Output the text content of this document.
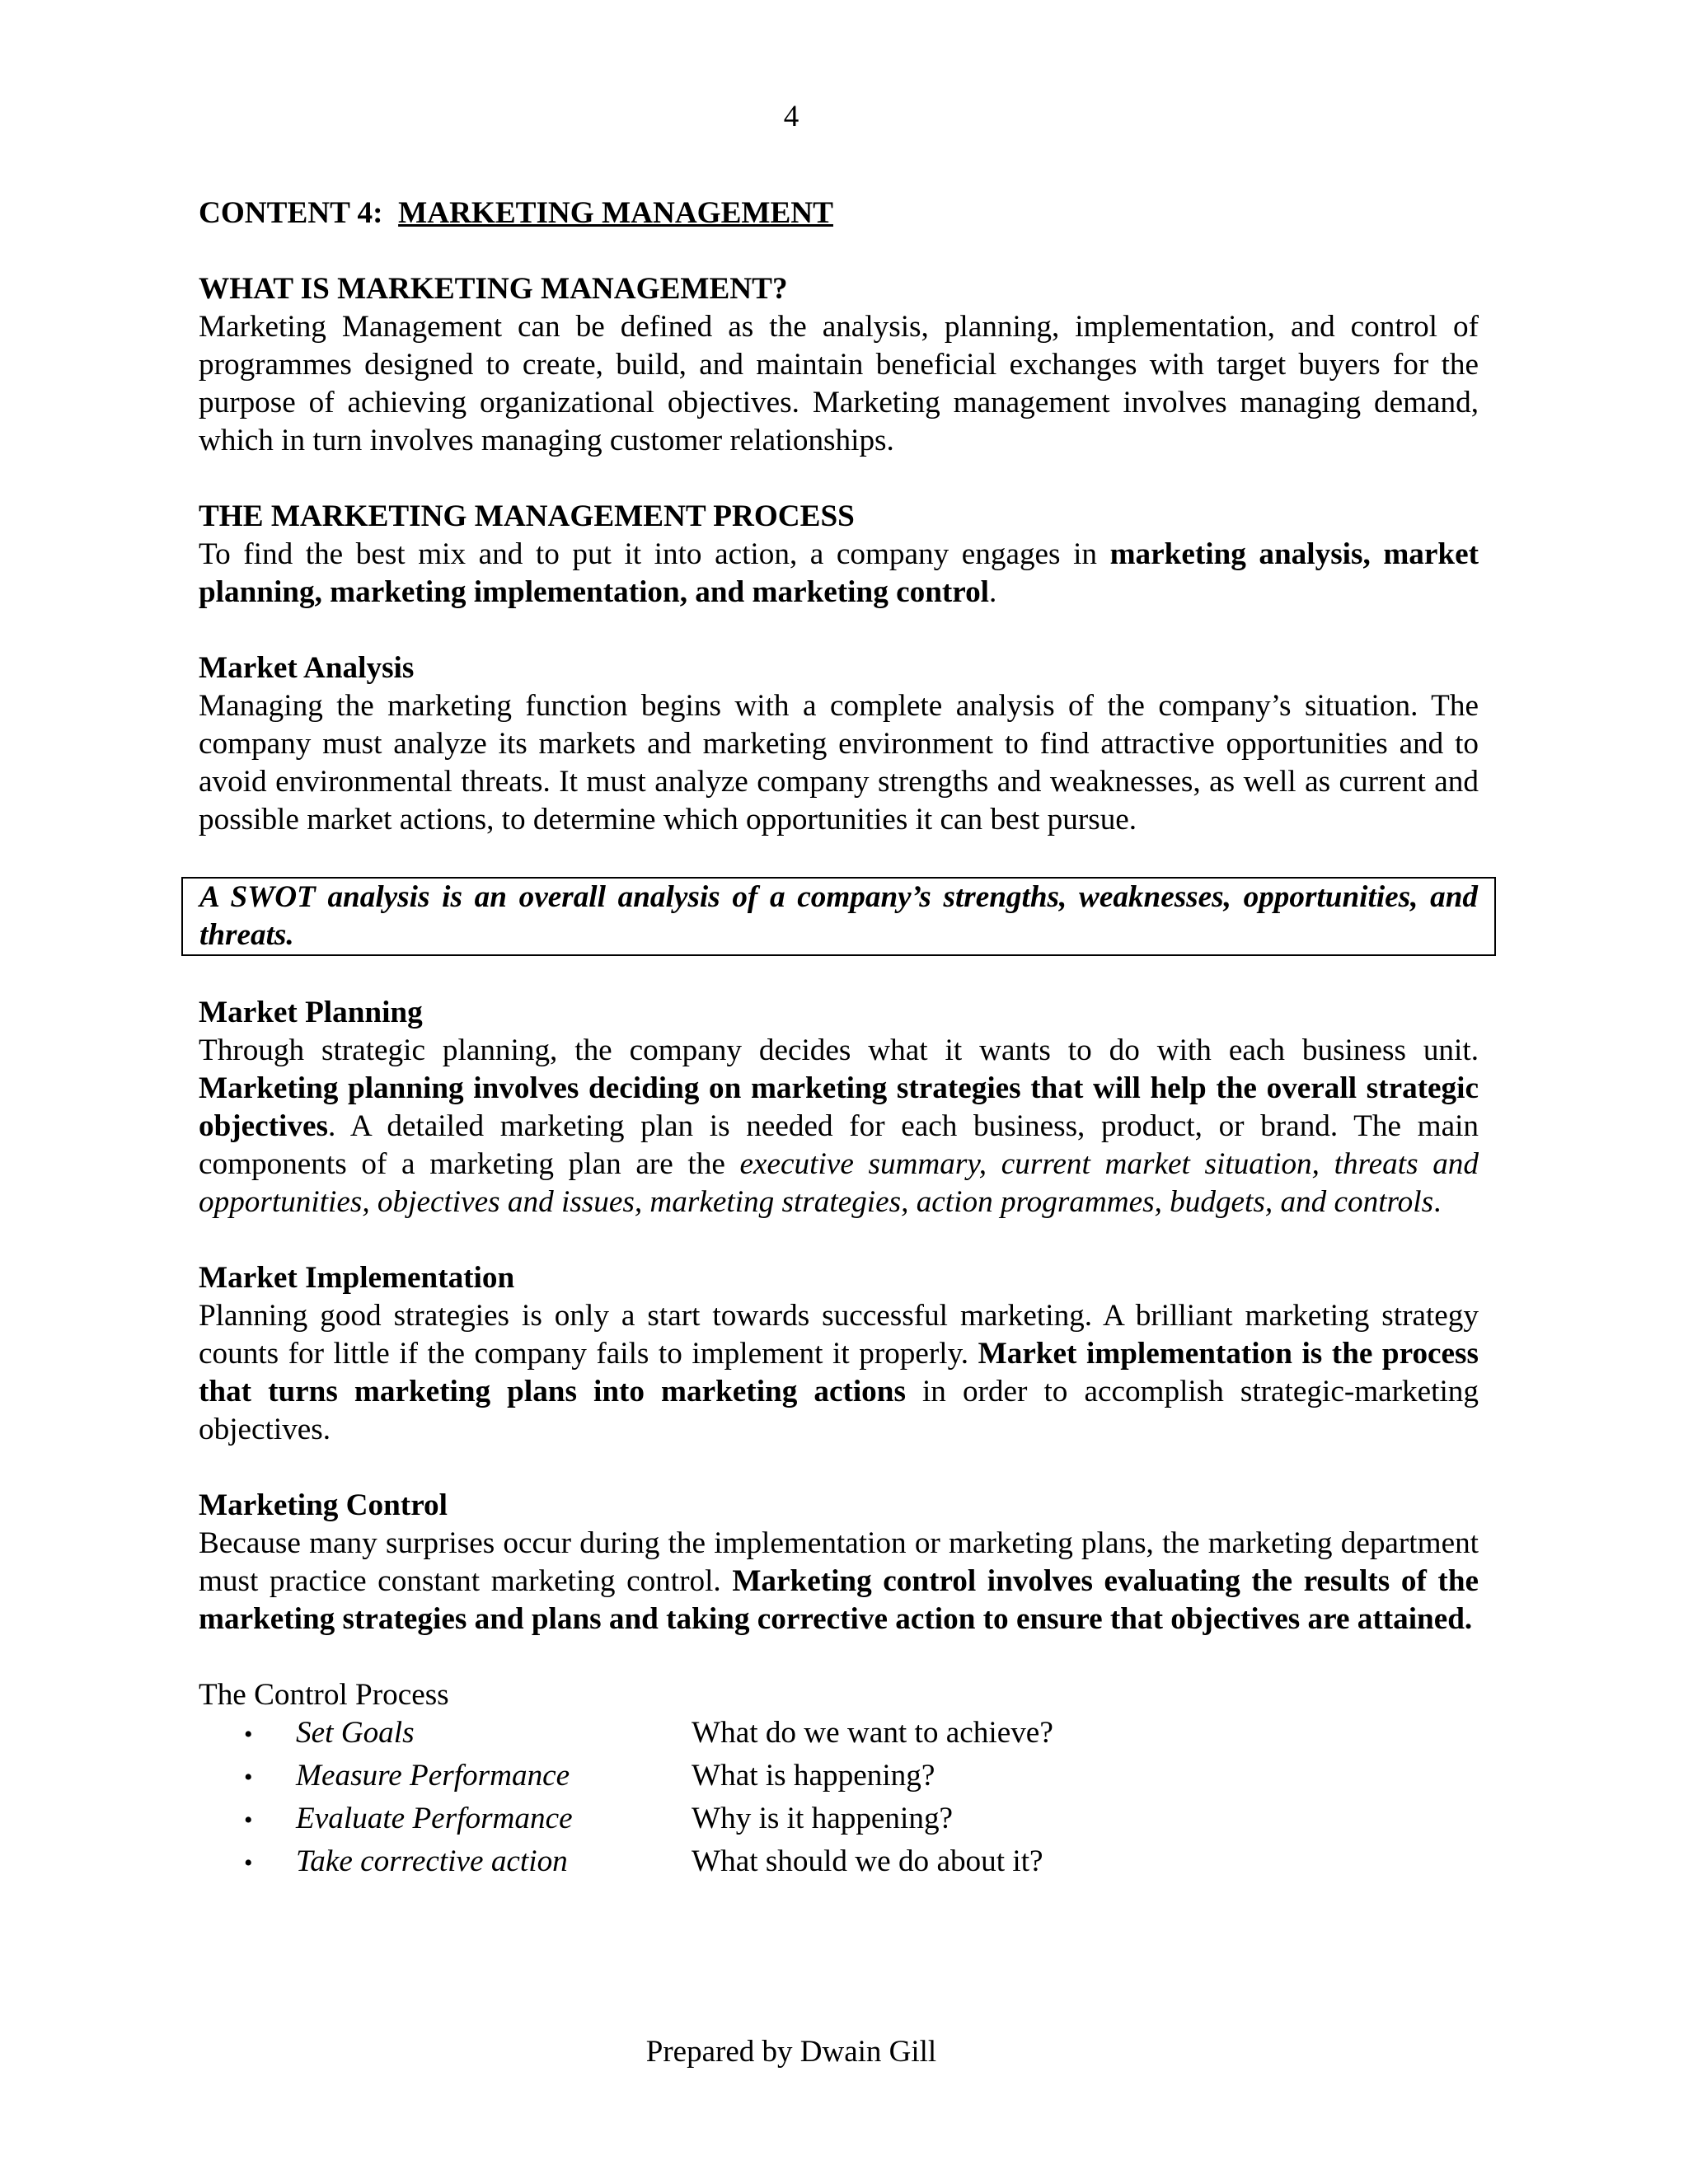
4

CONTENT 4: MARKETING MANAGEMENT

WHAT IS MARKETING MANAGEMENT?

Marketing Management can be defined as the analysis, planning, implementation, and control of programmes designed to create, build, and maintain beneficial exchanges with target buyers for the purpose of achieving organizational objectives. Marketing management involves managing demand, which in turn involves managing customer relationships.

THE MARKETING MANAGEMENT PROCESS

To find the best mix and to put it into action, a company engages in marketing analysis, market planning, marketing implementation, and marketing control.

Market Analysis

Managing the marketing function begins with a complete analysis of the company’s situation. The company must analyze its markets and marketing environment to find attractive opportunities and to avoid environmental threats. It must analyze company strengths and weaknesses, as well as current and possible market actions, to determine which opportunities it can best pursue.

A SWOT analysis is an overall analysis of a company’s strengths, weaknesses, opportunities, and threats.

Market Planning

Through strategic planning, the company decides what it wants to do with each business unit. Marketing planning involves deciding on marketing strategies that will help the overall strategic objectives. A detailed marketing plan is needed for each business, product, or brand. The main components of a marketing plan are the executive summary, current market situation, threats and opportunities, objectives and issues, marketing strategies, action programmes, budgets, and controls.

Market Implementation

Planning good strategies is only a start towards successful marketing. A brilliant marketing strategy counts for little if the company fails to implement it properly. Market implementation is the process that turns marketing plans into marketing actions in order to accomplish strategic-marketing objectives.

Marketing Control

Because many surprises occur during the implementation or marketing plans, the marketing department must practice constant marketing control. Marketing control involves evaluating the results of the marketing strategies and plans and taking corrective action to ensure that objectives are attained.

The Control Process

•	Set Goals	What do we want to achieve?
•	Measure Performance	What is happening?
•	Evaluate Performance	Why is it happening?
•	Take corrective action	What should we do about it?
Prepared by Dwain Gill
